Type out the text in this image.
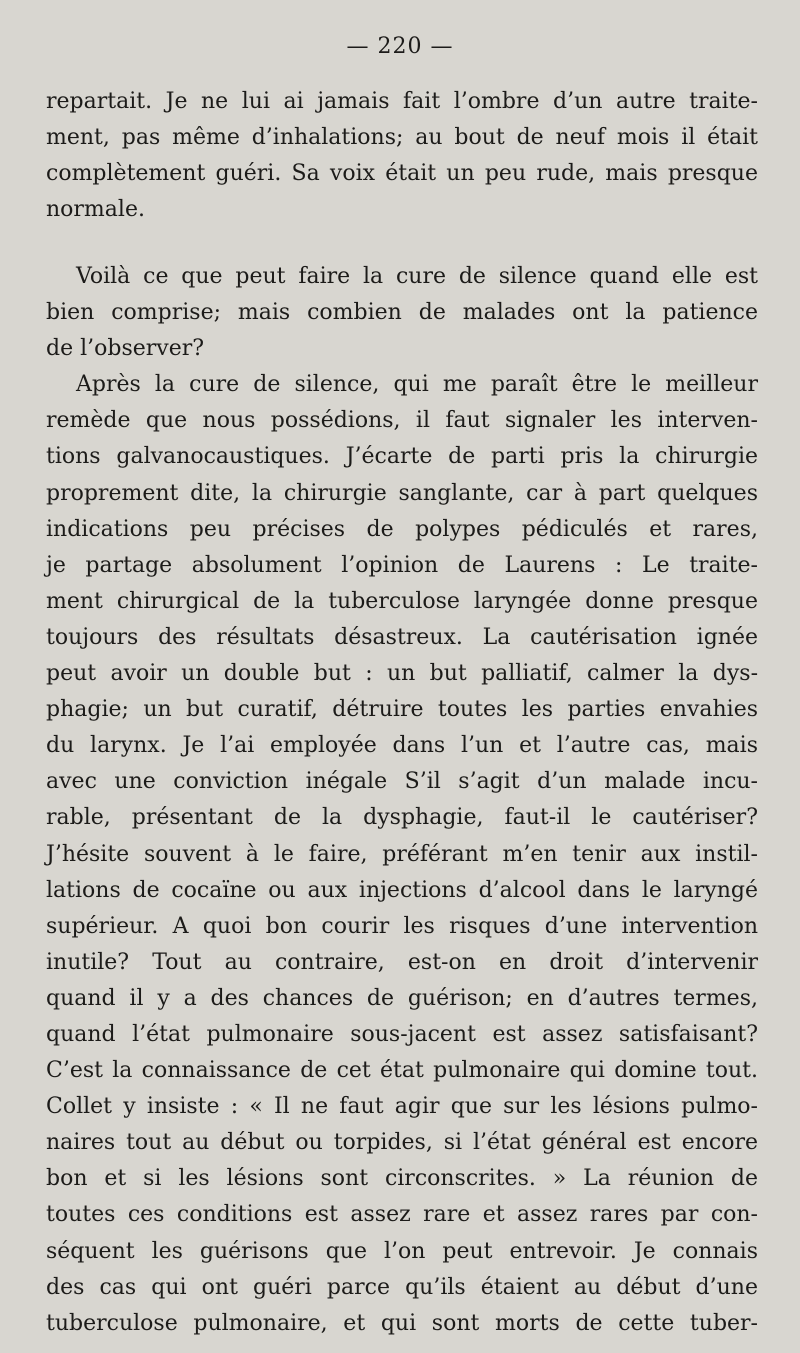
— 220 —
repartait. Je ne lui ai jamais fait l’ombre d’un autre traite-
ment, pas même d’inhalations; au bout de neuf mois il était
complètement guéri. Sa voix était un peu rude, mais presque
normale.
Voilà ce que peut faire la cure de silence quand elle est
bien comprise; mais combien de malades ont la patience
de l’observer?
Après la cure de silence, qui me paraît être le meilleur
remède que nous possédions, il faut signaler les interven-
tions galvanocaustiques. J’écarte de parti pris la chirurgie
proprement dite, la chirurgie sanglante, car à part quelques
indications peu précises de polypes pédiculés et rares,
je partage absolument l’opinion de Laurens : Le traite-
ment chirurgical de la tuberculose laryngée donne presque
toujours des résultats désastreux. La cautérisation ignée
peut avoir un double but : un but palliatif, calmer la dys-
phagie; un but curatif, détruire toutes les parties envahies
du larynx. Je l’ai employée dans l’un et l’autre cas, mais
avec une conviction inégale S’il s’agit d’un malade incu-
rable, présentant de la dysphagie, faut-il le cautériser?
J’hésite souvent à le faire, préférant m’en tenir aux instil-
lations de cocaïne ou aux injections d’alcool dans le laryngé
supérieur. A quoi bon courir les risques d’une intervention
inutile? Tout au contraire, est-on en droit d’intervenir
quand il y a des chances de guérison; en d’autres termes,
quand l’état pulmonaire sous-jacent est assez satisfaisant?
C’est la connaissance de cet état pulmonaire qui domine tout.
Collet y insiste : « Il ne faut agir que sur les lésions pulmo-
naires tout au début ou torpides, si l’état général est encore
bon et si les lésions sont circonscrites. » La réunion de
toutes ces conditions est assez rare et assez rares par con-
séquent les guérisons que l’on peut entrevoir. Je connais
des cas qui ont guéri parce qu’ils étaient au début d’une
tuberculose pulmonaire, et qui sont morts de cette tuber-
